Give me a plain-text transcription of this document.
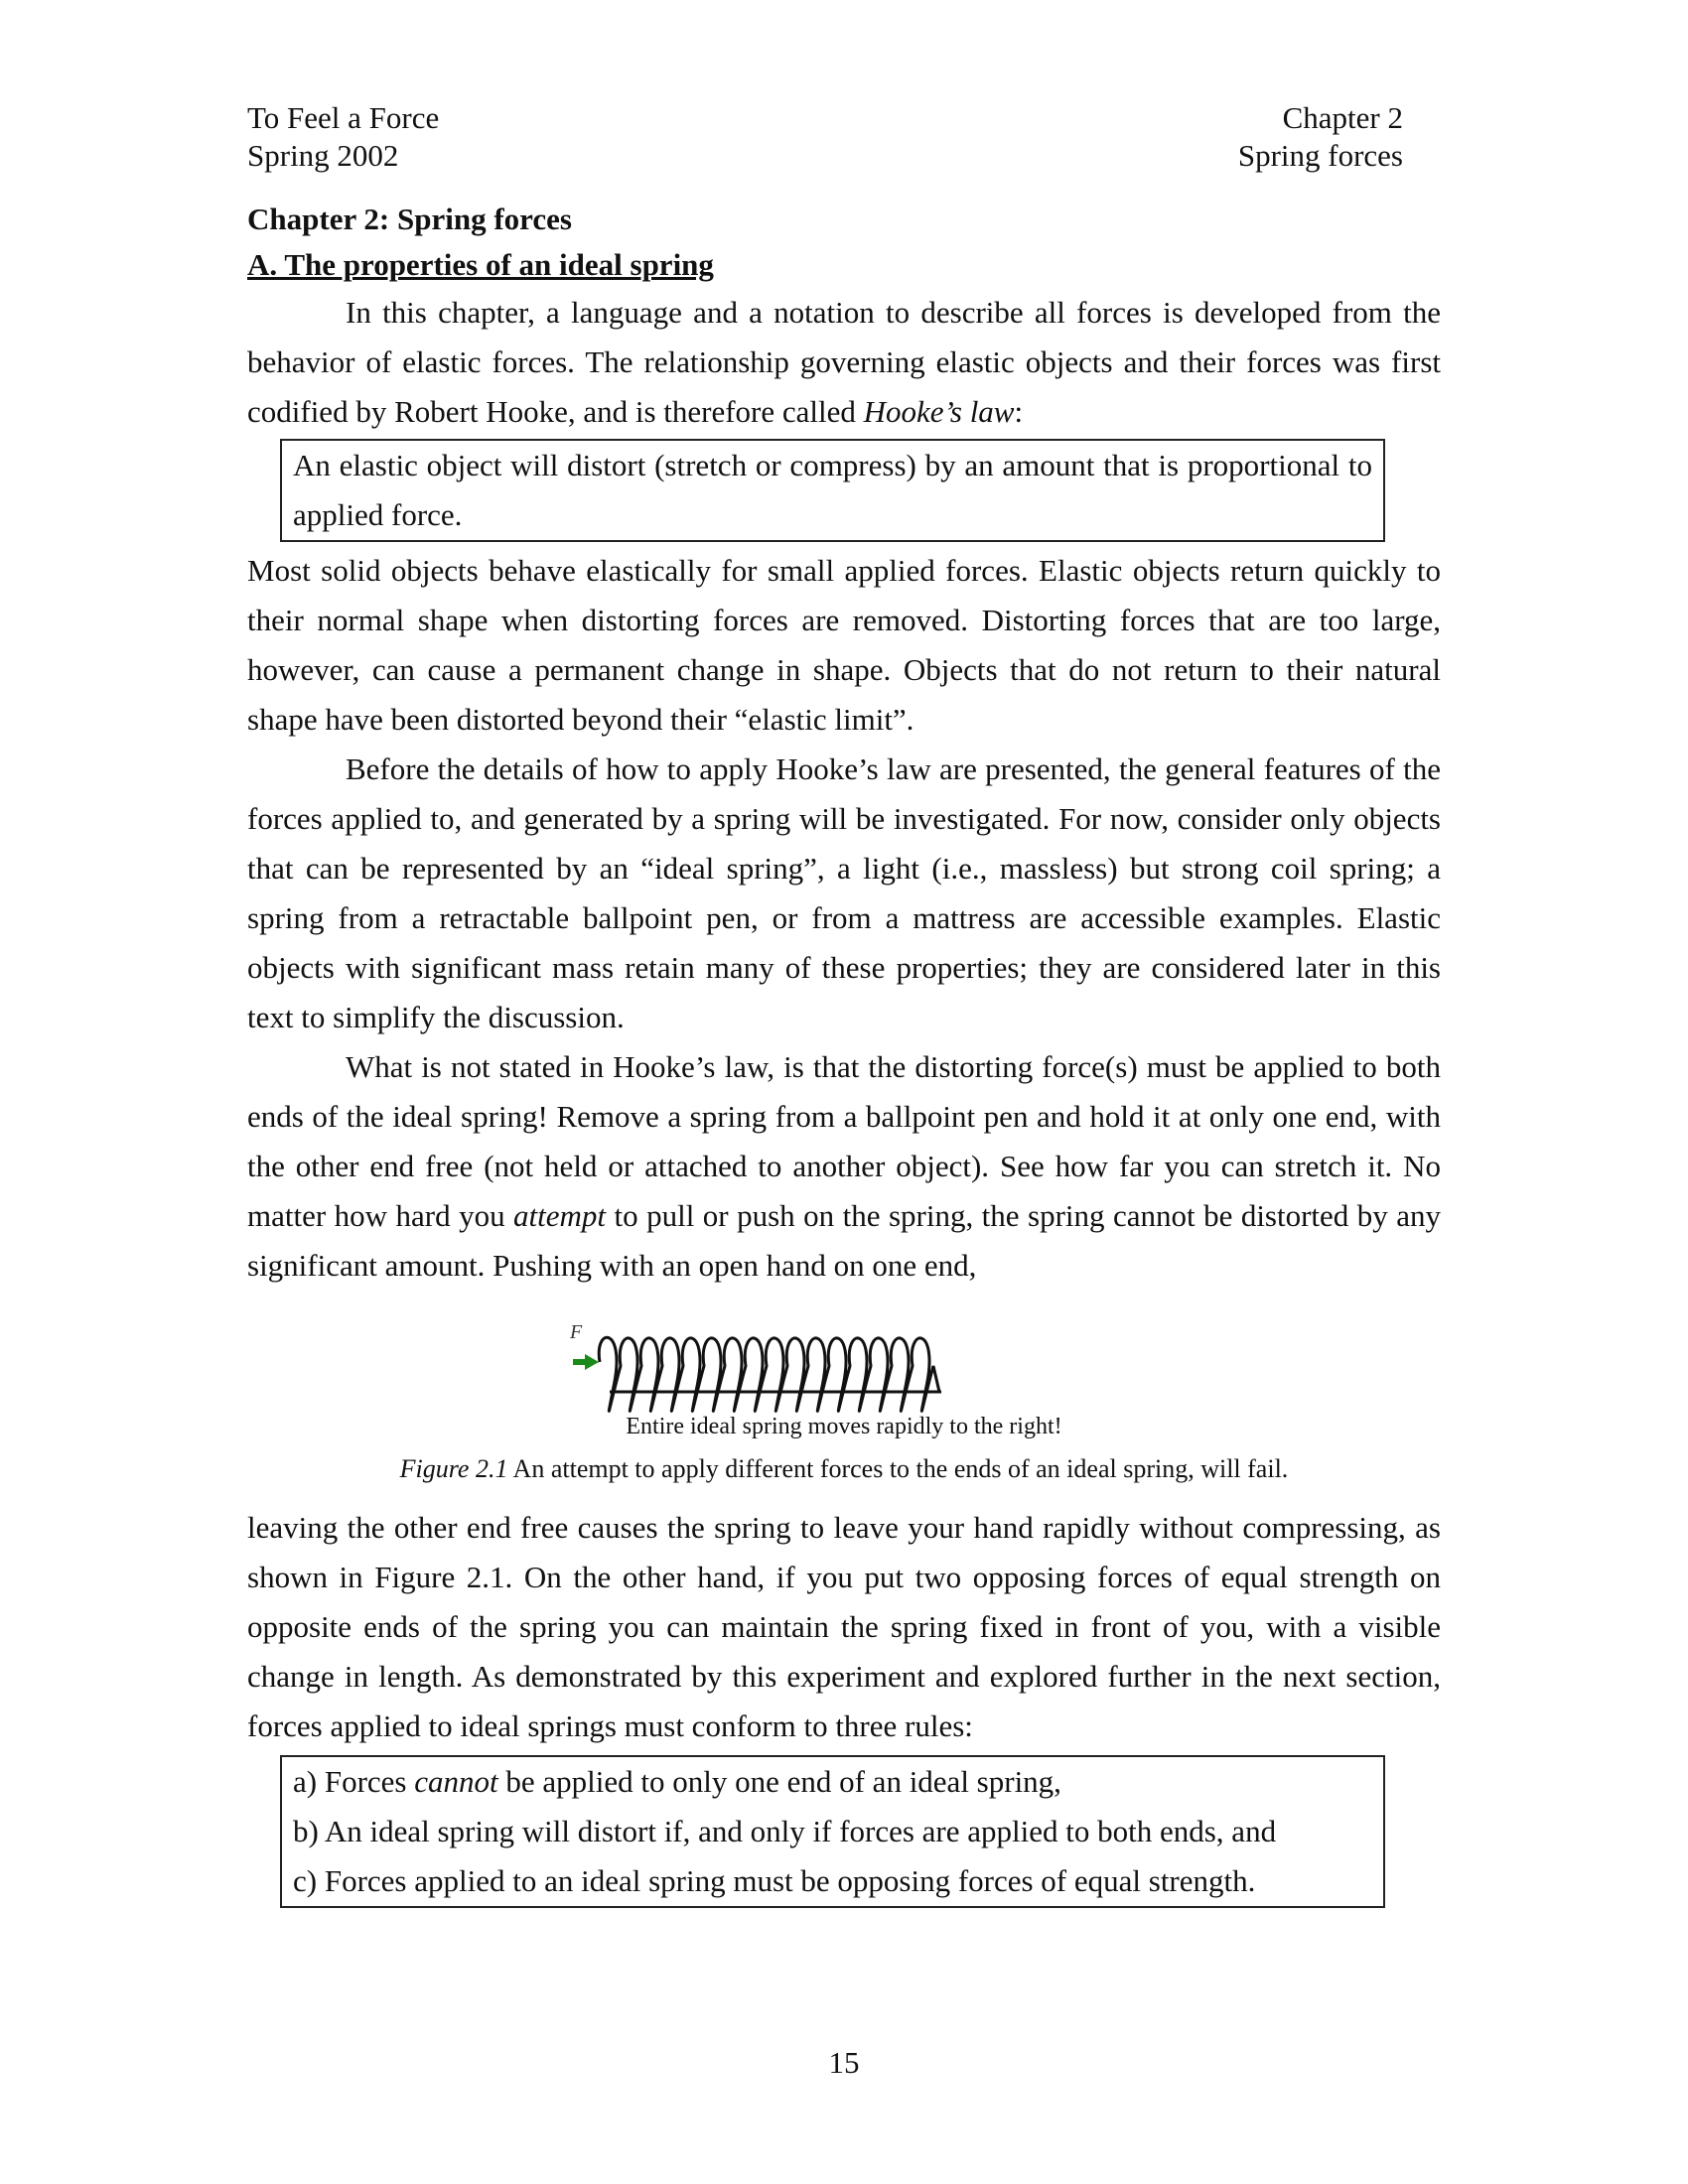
To Feel a Force
Spring 2002
Chapter 2
Spring forces
Chapter 2: Spring forces
A. The properties of an ideal spring

In this chapter, a language and a notation to describe all forces is developed from the behavior of elastic forces. The relationship governing elastic objects and their forces was first codified by Robert Hooke, and is therefore called Hooke’s law:

An elastic object will distort (stretch or compress) by an amount that is proportional to applied force.

Most solid objects behave elastically for small applied forces. Elastic objects return quickly to their normal shape when distorting forces are removed. Distorting forces that are too large, however, can cause a permanent change in shape. Objects that do not return to their natural shape have been distorted beyond their “elastic limit”.

Before the details of how to apply Hooke’s law are presented, the general features of the forces applied to, and generated by a spring will be investigated. For now, consider only objects that can be represented by an “ideal spring”, a light (i.e., massless) but strong coil spring; a spring from a retractable ballpoint pen, or from a mattress are accessible examples. Elastic objects with significant mass retain many of these properties; they are considered later in this text to simplify the discussion.

What is not stated in Hooke’s law, is that the distorting force(s) must be applied to both ends of the ideal spring! Remove a spring from a ballpoint pen and hold it at only one end, with the other end free (not held or attached to another object). See how far you can stretch it. No matter how hard you attempt to pull or push on the spring, the spring cannot be distorted by any significant amount. Pushing with an open hand on one end,

F
Entire ideal spring moves rapidly to the right!
Figure 2.1 An attempt to apply different forces to the ends of an ideal spring, will fail.

leaving the other end free causes the spring to leave your hand rapidly without compressing, as shown in Figure 2.1. On the other hand, if you put two opposing forces of equal strength on opposite ends of the spring you can maintain the spring fixed in front of you, with a visible change in length. As demonstrated by this experiment and explored further in the next section, forces applied to ideal springs must conform to three rules:

a) Forces cannot be applied to only one end of an ideal spring,

b) An ideal spring will distort if, and only if forces are applied to both ends, and

c) Forces applied to an ideal spring must be opposing forces of equal strength.

15
